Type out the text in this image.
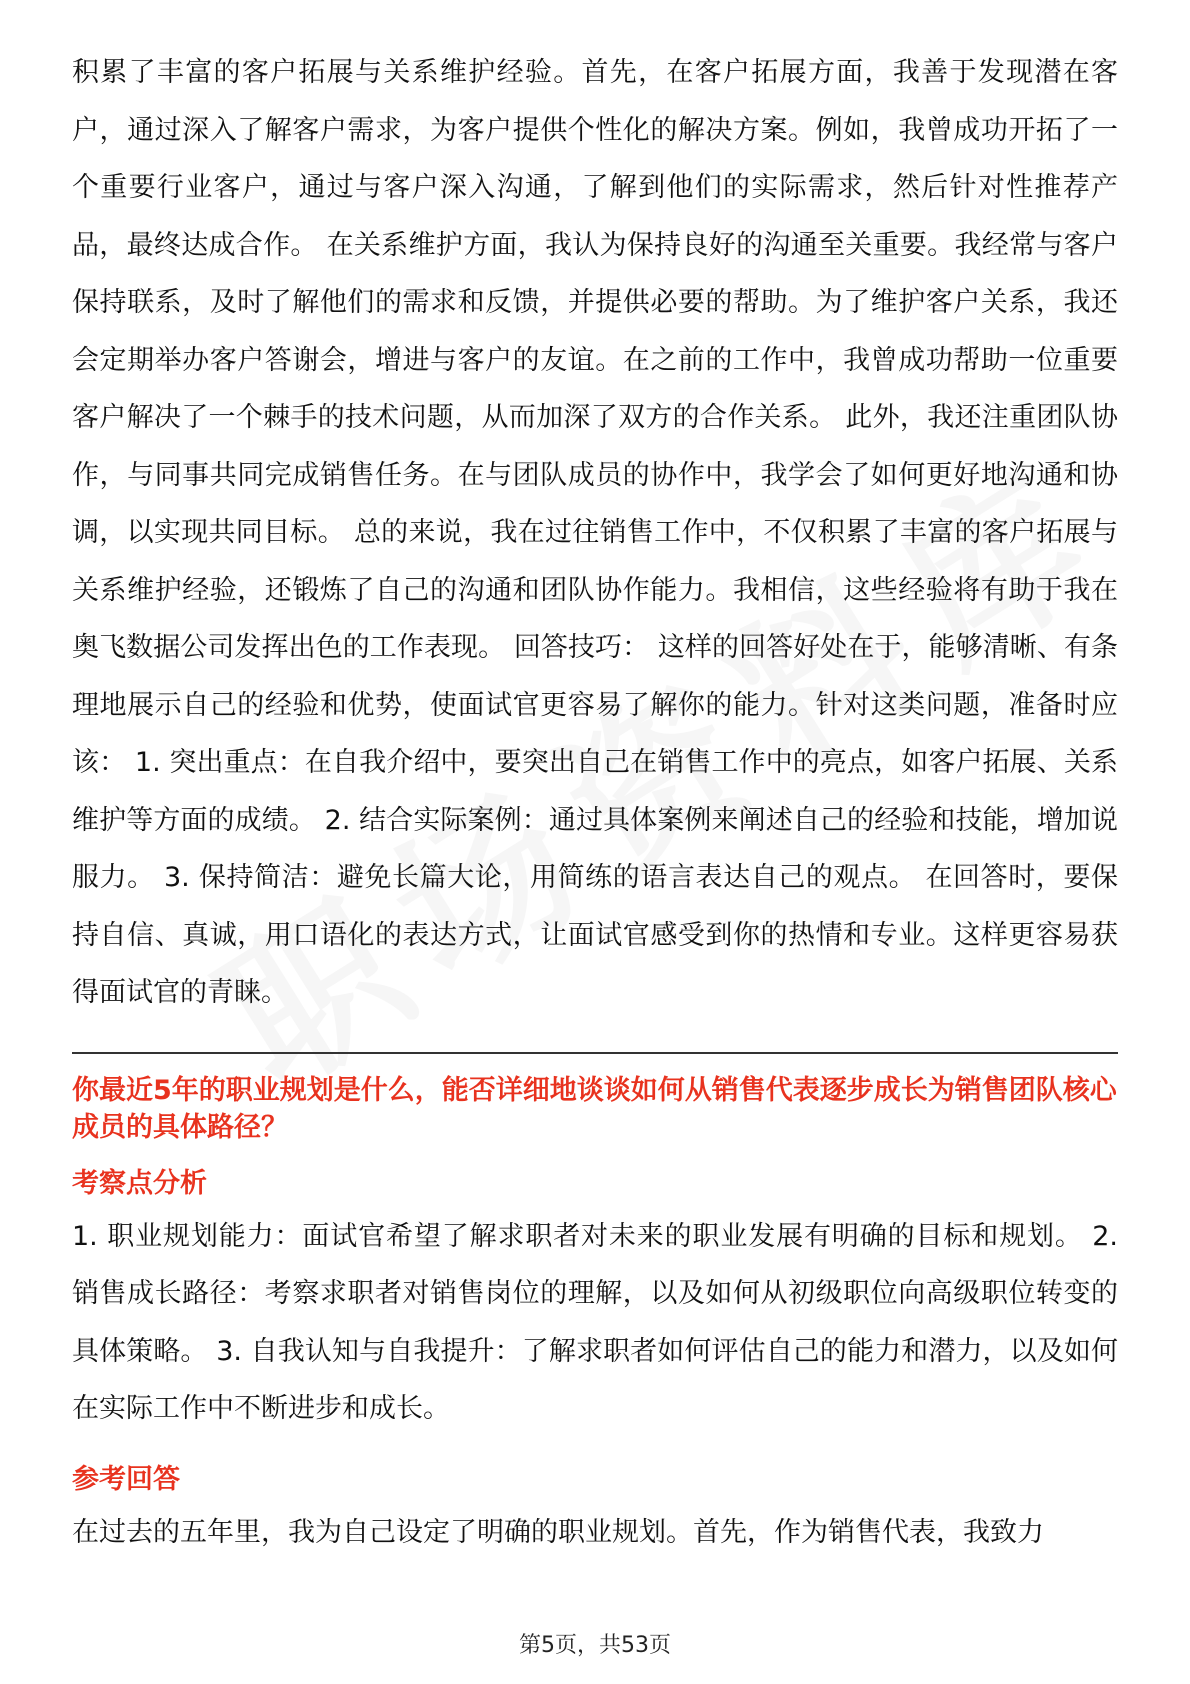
积累了丰富的客户拓展与关系维护经验。首先，在客户拓展方面，我善于发现潜在客户，通过深入了解客户需求，为客户提供个性化的解决方案。例如，我曾成功开拓了一个重要行业客户，通过与客户深入沟通，了解到他们的实际需求，然后针对性推荐产品，最终达成合作。 在关系维护方面，我认为保持良好的沟通至关重要。我经常与客户保持联系，及时了解他们的需求和反馈，并提供必要的帮助。为了维护客户关系，我还会定期举办客户答谢会，增进与客户的友谊。在之前的工作中，我曾成功帮助一位重要客户解决了一个棘手的技术问题，从而加深了双方的合作关系。 此外，我还注重团队协作，与同事共同完成销售任务。在与团队成员的协作中，我学会了如何更好地沟通和协调，以实现共同目标。 总的来说，我在过往销售工作中，不仅积累了丰富的客户拓展与关系维护经验，还锻炼了自己的沟通和团队协作能力。我相信，这些经验将有助于我在奥飞数据公司发挥出色的工作表现。 回答技巧： 这样的回答好处在于，能够清晰、有条理地展示自己的经验和优势，使面试官更容易了解你的能力。针对这类问题，准备时应该： 1. 突出重点：在自我介绍中，要突出自己在销售工作中的亮点，如客户拓展、关系维护等方面的成绩。 2. 结合实际案例：通过具体案例来阐述自己的经验和技能，增加说服力。 3. 保持简洁：避免长篇大论，用简练的语言表达自己的观点。 在回答时，要保持自信、真诚，用口语化的表达方式，让面试官感受到你的热情和专业。这样更容易获得面试官的青睐。

你最近5年的职业规划是什么，能否详细地谈谈如何从销售代表逐步成长为销售团队核心成员的具体路径？

考察点分析

1. 职业规划能力：面试官希望了解求职者对未来的职业发展有明确的目标和规划。 2. 销售成长路径：考察求职者对销售岗位的理解，以及如何从初级职位向高级职位转变的具体策略。 3. 自我认知与自我提升：了解求职者如何评估自己的能力和潜力，以及如何在实际工作中不断进步和成长。

参考回答

在过去的五年里，我为自己设定了明确的职业规划。首先，作为销售代表，我致力

第5页，共53页
